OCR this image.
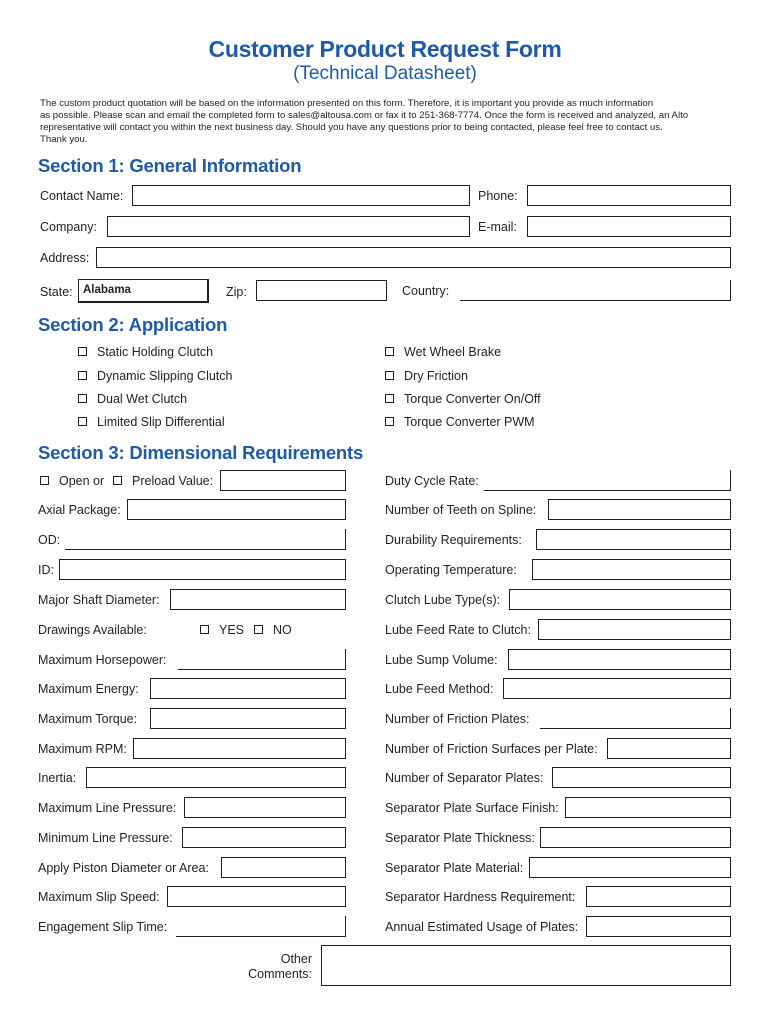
Customer Product Request Form
(Technical Datasheet)
The custom product quotation will be based on the information presented on this form. Therefore, it is important you provide as much information
as possible. Please scan and email the completed form to sales@altousa.com or fax it to 251-368-7774. Once the form is received and analyzed, an Alto
representative will contact you within the next business day. Should you have any questions prior to being contacted, please feel free to contact us.
Thank you.
Section 1: General Information
Contact Name:	Phone:
Company:	E-mail:
Address:
State: Alabama	Zip:	Country:
Section 2: Application
Static Holding Clutch
Dynamic Slipping Clutch
Dual Wet Clutch
Limited Slip Differential
Wet Wheel Brake
Dry Friction
Torque Converter On/Off
Torque Converter PWM
Section 3: Dimensional Requirements
Open or Preload Value:
Axial Package:
OD:
ID:
Major Shaft Diameter:
Drawings Available:	YES NO
Maximum Horsepower:
Maximum Energy:
Maximum Torque:
Maximum RPM:
Inertia:
Maximum Line Pressure:
Minimum Line Pressure:
Apply Piston Diameter or Area:
Maximum Slip Speed:
Engagement Slip Time:
Duty Cycle Rate:
Number of Teeth on Spline:
Durability Requirements:
Operating Temperature:
Clutch Lube Type(s):
Lube Feed Rate to Clutch:
Lube Sump Volume:
Lube Feed Method:
Number of Friction Plates:
Number of Friction Surfaces per Plate:
Number of Separator Plates:
Separator Plate Surface Finish:
Separator Plate Thickness:
Separator Plate Material:
Separator Hardness Requirement:
Annual Estimated Usage of Plates:
Other
Comments:
